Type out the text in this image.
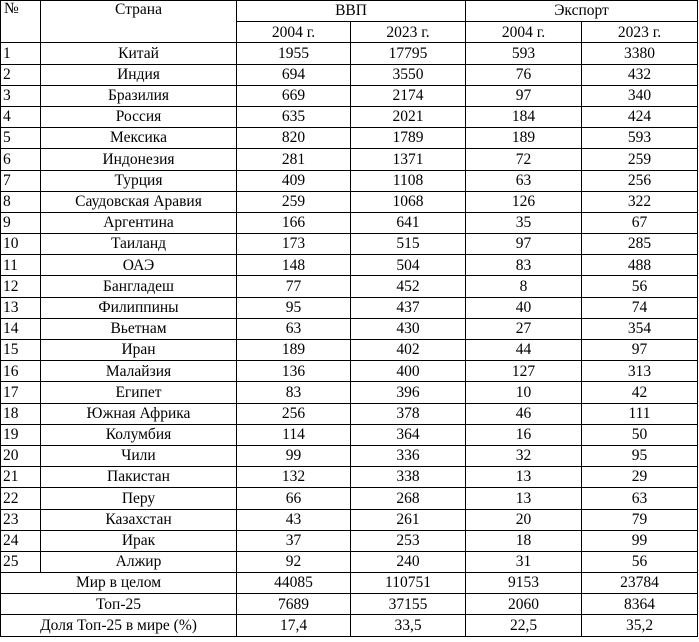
№	Страна	ВВП		Экспорт	
		2004 г.	2023 г.	2004 г.	2023 г.
1	Китай	1955	17795	593	3380
2	Индия	694	3550	76	432
3	Бразилия	669	2174	97	340
4	Россия	635	2021	184	424
5	Мексика	820	1789	189	593
6	Индонезия	281	1371	72	259
7	Турция	409	1108	63	256
8	Саудовская Аравия	259	1068	126	322
9	Аргентина	166	641	35	67
10	Таиланд	173	515	97	285
11	ОАЭ	148	504	83	488
12	Бангладеш	77	452	8	56
13	Филиппины	95	437	40	74
14	Вьетнам	63	430	27	354
15	Иран	189	402	44	97
16	Малайзия	136	400	127	313
17	Египет	83	396	10	42
18	Южная Африка	256	378	46	111
19	Колумбия	114	364	16	50
20	Чили	99	336	32	95
21	Пакистан	132	338	13	29
22	Перу	66	268	13	63
23	Казахстан	43	261	20	79
24	Ирак	37	253	18	99
25	Алжир	92	240	31	56
Мир в целом		44085	110751	9153	23784
Топ-25		7689	37155	2060	8364
Доля Топ-25 в мире (%)		17,4	33,5	22,5	35,2
